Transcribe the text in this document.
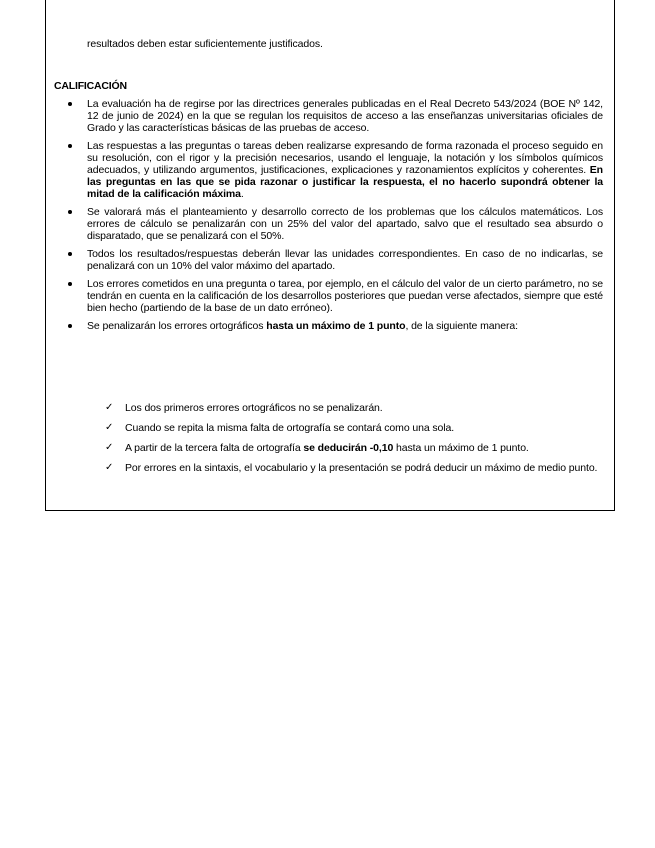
resultados deben estar suficientemente justificados.
CALIFICACIÓN
La evaluación ha de regirse por las directrices generales publicadas en el Real Decreto 543/2024 (BOE Nº 142, 12 de junio de 2024) en la que se regulan los requisitos de acceso a las enseñanzas universitarias oficiales de Grado y las características básicas de las pruebas de acceso.
Las respuestas a las preguntas o tareas deben realizarse expresando de forma razonada el proceso seguido en su resolución, con el rigor y la precisión necesarios, usando el lenguaje, la notación y los símbolos químicos adecuados, y utilizando argumentos, justificaciones, explicaciones y razonamientos explícitos y coherentes. En las preguntas en las que se pida razonar o justificar la respuesta, el no hacerlo supondrá obtener la mitad de la calificación máxima.
Se valorará más el planteamiento y desarrollo correcto de los problemas que los cálculos matemáticos. Los errores de cálculo se penalizarán con un 25% del valor del apartado, salvo que el resultado sea absurdo o disparatado, que se penalizará con el 50%.
Todos los resultados/respuestas deberán llevar las unidades correspondientes. En caso de no indicarlas, se penalizará con un 10% del valor máximo del apartado.
Los errores cometidos en una pregunta o tarea, por ejemplo, en el cálculo del valor de un cierto parámetro, no se tendrán en cuenta en la calificación de los desarrollos posteriores que puedan verse afectados, siempre que esté bien hecho (partiendo de la base de un dato erróneo).
Se penalizarán los errores ortográficos hasta un máximo de 1 punto, de la siguiente manera:
✓ Los dos primeros errores ortográficos no se penalizarán.
✓ Cuando se repita la misma falta de ortografía se contará como una sola.
✓ A partir de la tercera falta de ortografía se deducirán -0,10 hasta un máximo de 1 punto.
✓ Por errores en la sintaxis, el vocabulario y la presentación se podrá deducir un máximo de medio punto.
